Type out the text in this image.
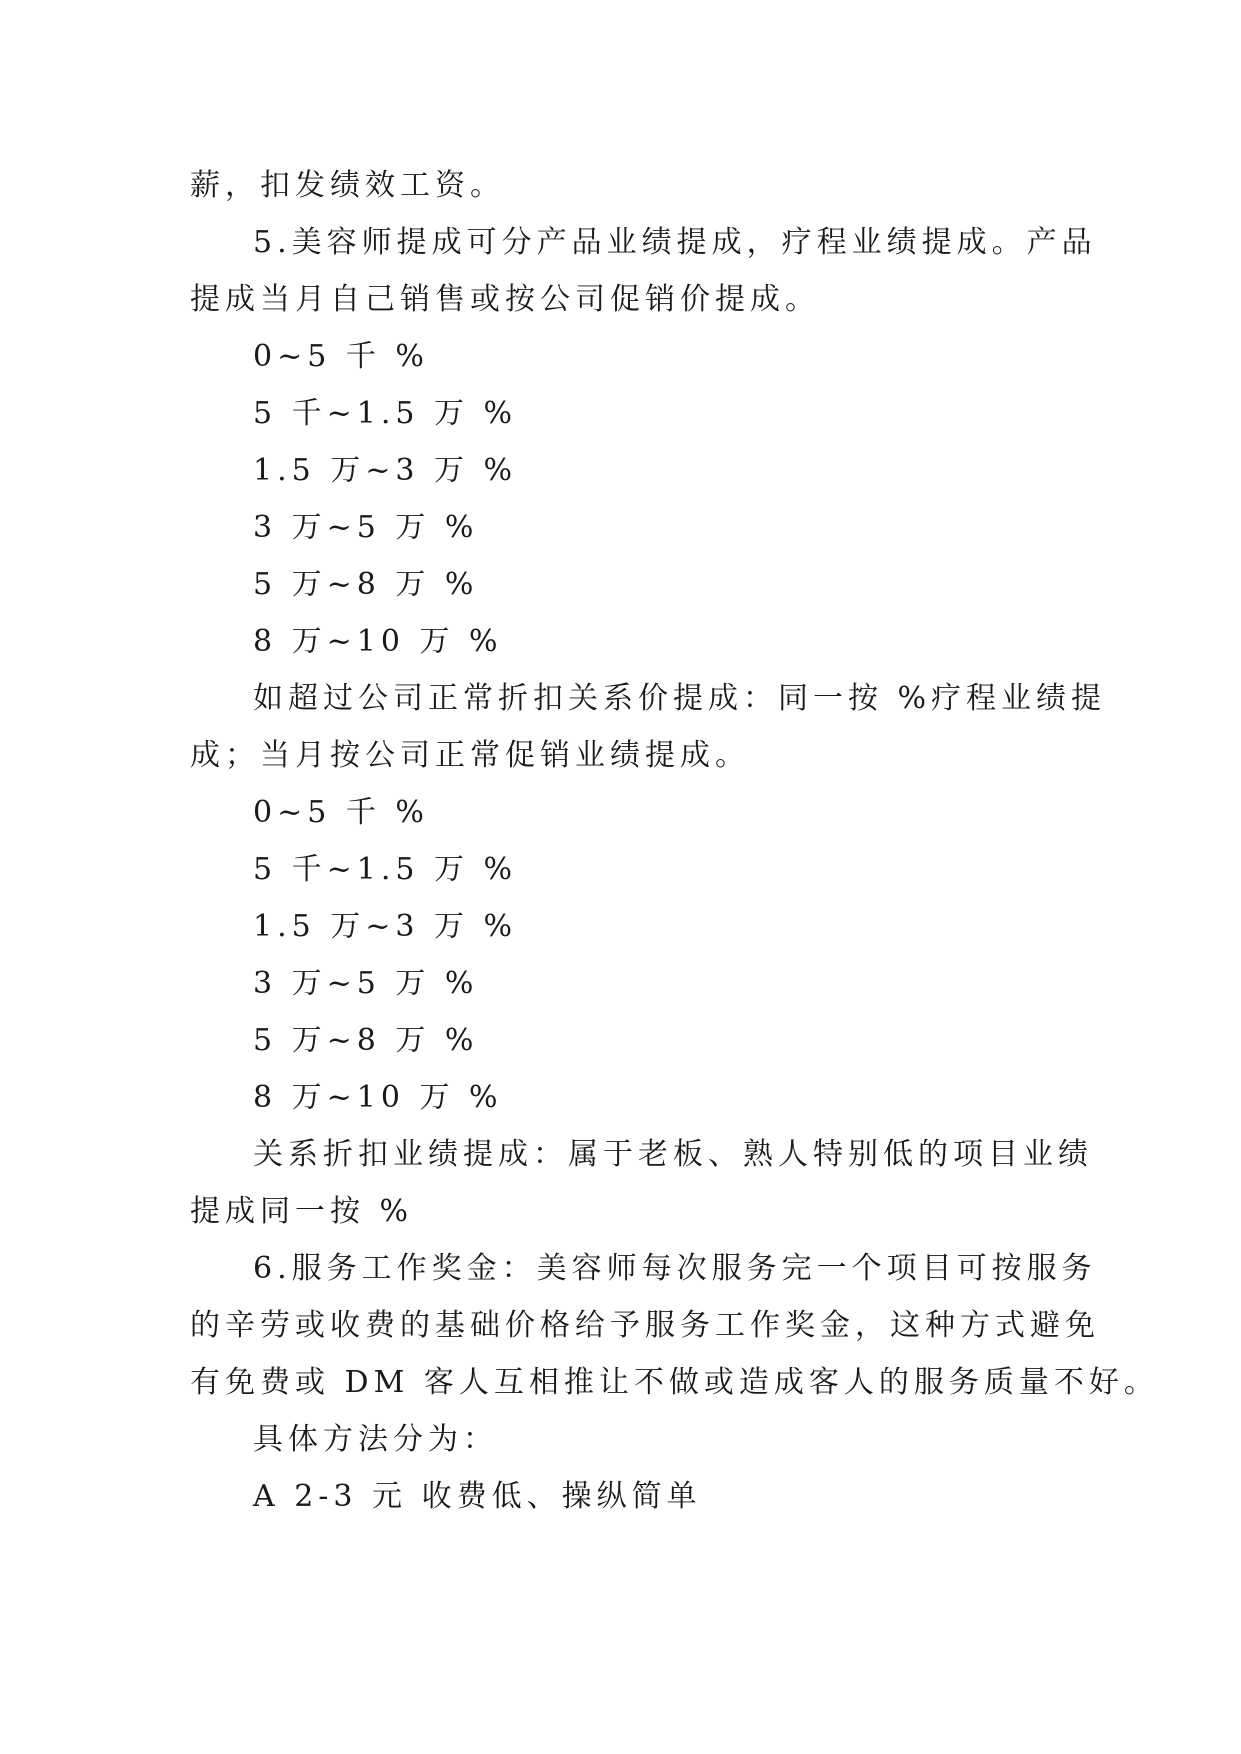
薪，扣发绩效工资。
5.美容师提成可分产品业绩提成，疗程业绩提成。产品
提成当月自己销售或按公司促销价提成。
0~5 千 %
5 千~1.5 万 %
1.5 万~3 万 %
3 万~5 万 %
5 万~8 万 %
8 万~10 万 %
如超过公司正常折扣关系价提成：同一按 %疗程业绩提
成；当月按公司正常促销业绩提成。
0~5 千 %
5 千~1.5 万 %
1.5 万~3 万 %
3 万~5 万 %
5 万~8 万 %
8 万~10 万 %
关系折扣业绩提成：属于老板、熟人特别低的项目业绩
提成同一按 %
6.服务工作奖金：美容师每次服务完一个项目可按服务
的辛劳或收费的基础价格给予服务工作奖金，这种方式避免
有免费或 DM 客人互相推让不做或造成客人的服务质量不好。
具体方法分为：
A 2-3 元 收费低、操纵简单
